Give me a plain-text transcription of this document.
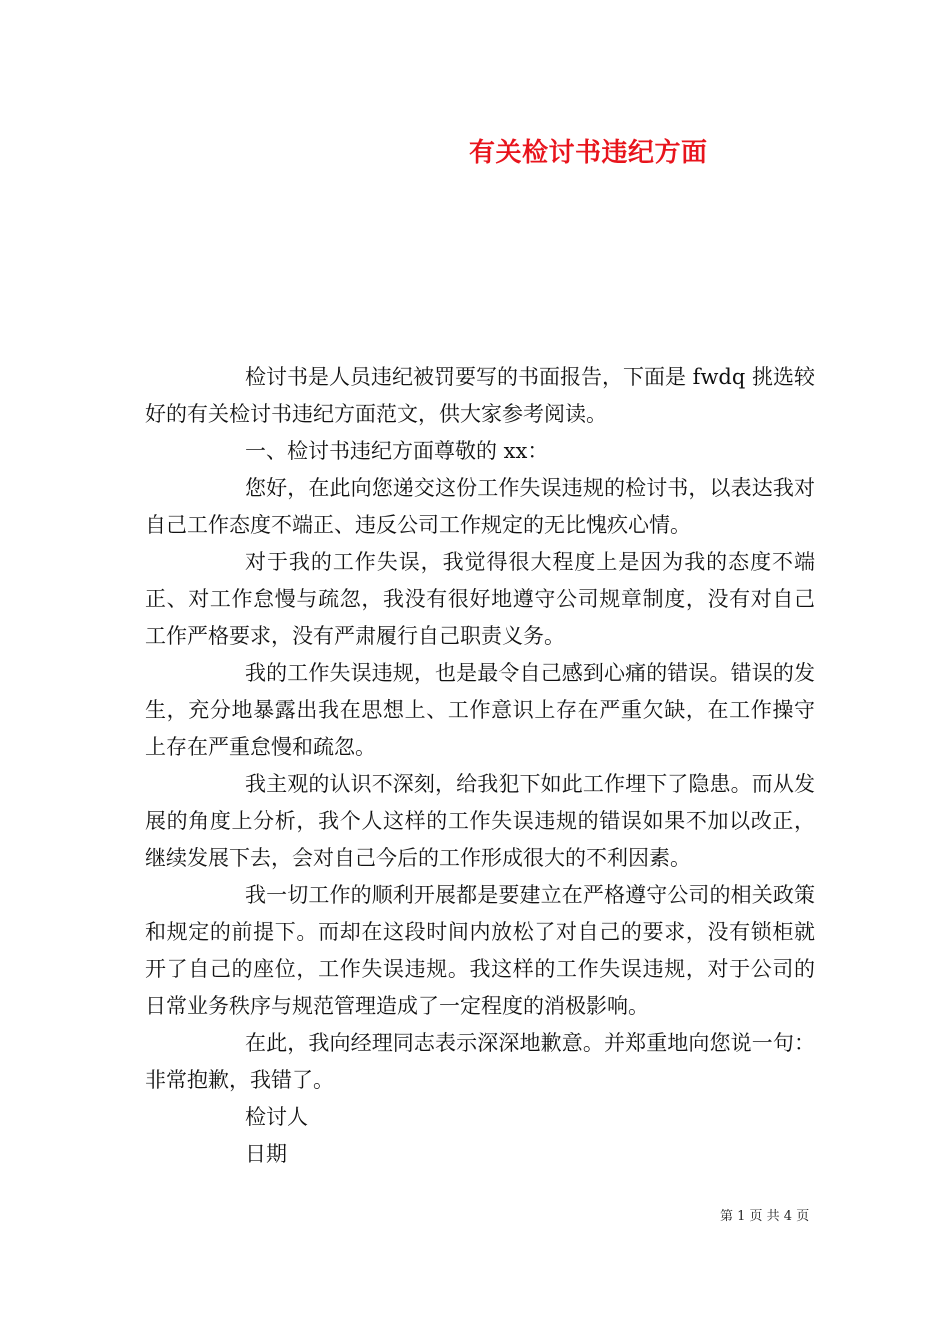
有关检讨书违纪方面

检讨书是人员违纪被罚要写的书面报告，下面是 fwdq 挑选较好的有关检讨书违纪方面范文，供大家参考阅读。

一、检讨书违纪方面尊敬的 xx：

您好，在此向您递交这份工作失误违规的检讨书，以表达我对自己工作态度不端正、违反公司工作规定的无比愧疚心情。

对于我的工作失误，我觉得很大程度上是因为我的态度不端正、对工作怠慢与疏忽，我没有很好地遵守公司规章制度，没有对自己工作严格要求，没有严肃履行自己职责义务。

我的工作失误违规，也是最令自己感到心痛的错误。错误的发生，充分地暴露出我在思想上、工作意识上存在严重欠缺，在工作操守上存在严重怠慢和疏忽。

我主观的认识不深刻，给我犯下如此工作埋下了隐患。而从发展的角度上分析，我个人这样的工作失误违规的错误如果不加以改正，继续发展下去，会对自己今后的工作形成很大的不利因素。

我一切工作的顺利开展都是要建立在严格遵守公司的相关政策和规定的前提下。而却在这段时间内放松了对自己的要求，没有锁柜就开了自己的座位，工作失误违规。我这样的工作失误违规，对于公司的日常业务秩序与规范管理造成了一定程度的消极影响。

在此，我向经理同志表示深深地歉意。并郑重地向您说一句：非常抱歉，我错了。

检讨人

日期

第 1 页 共 4 页
